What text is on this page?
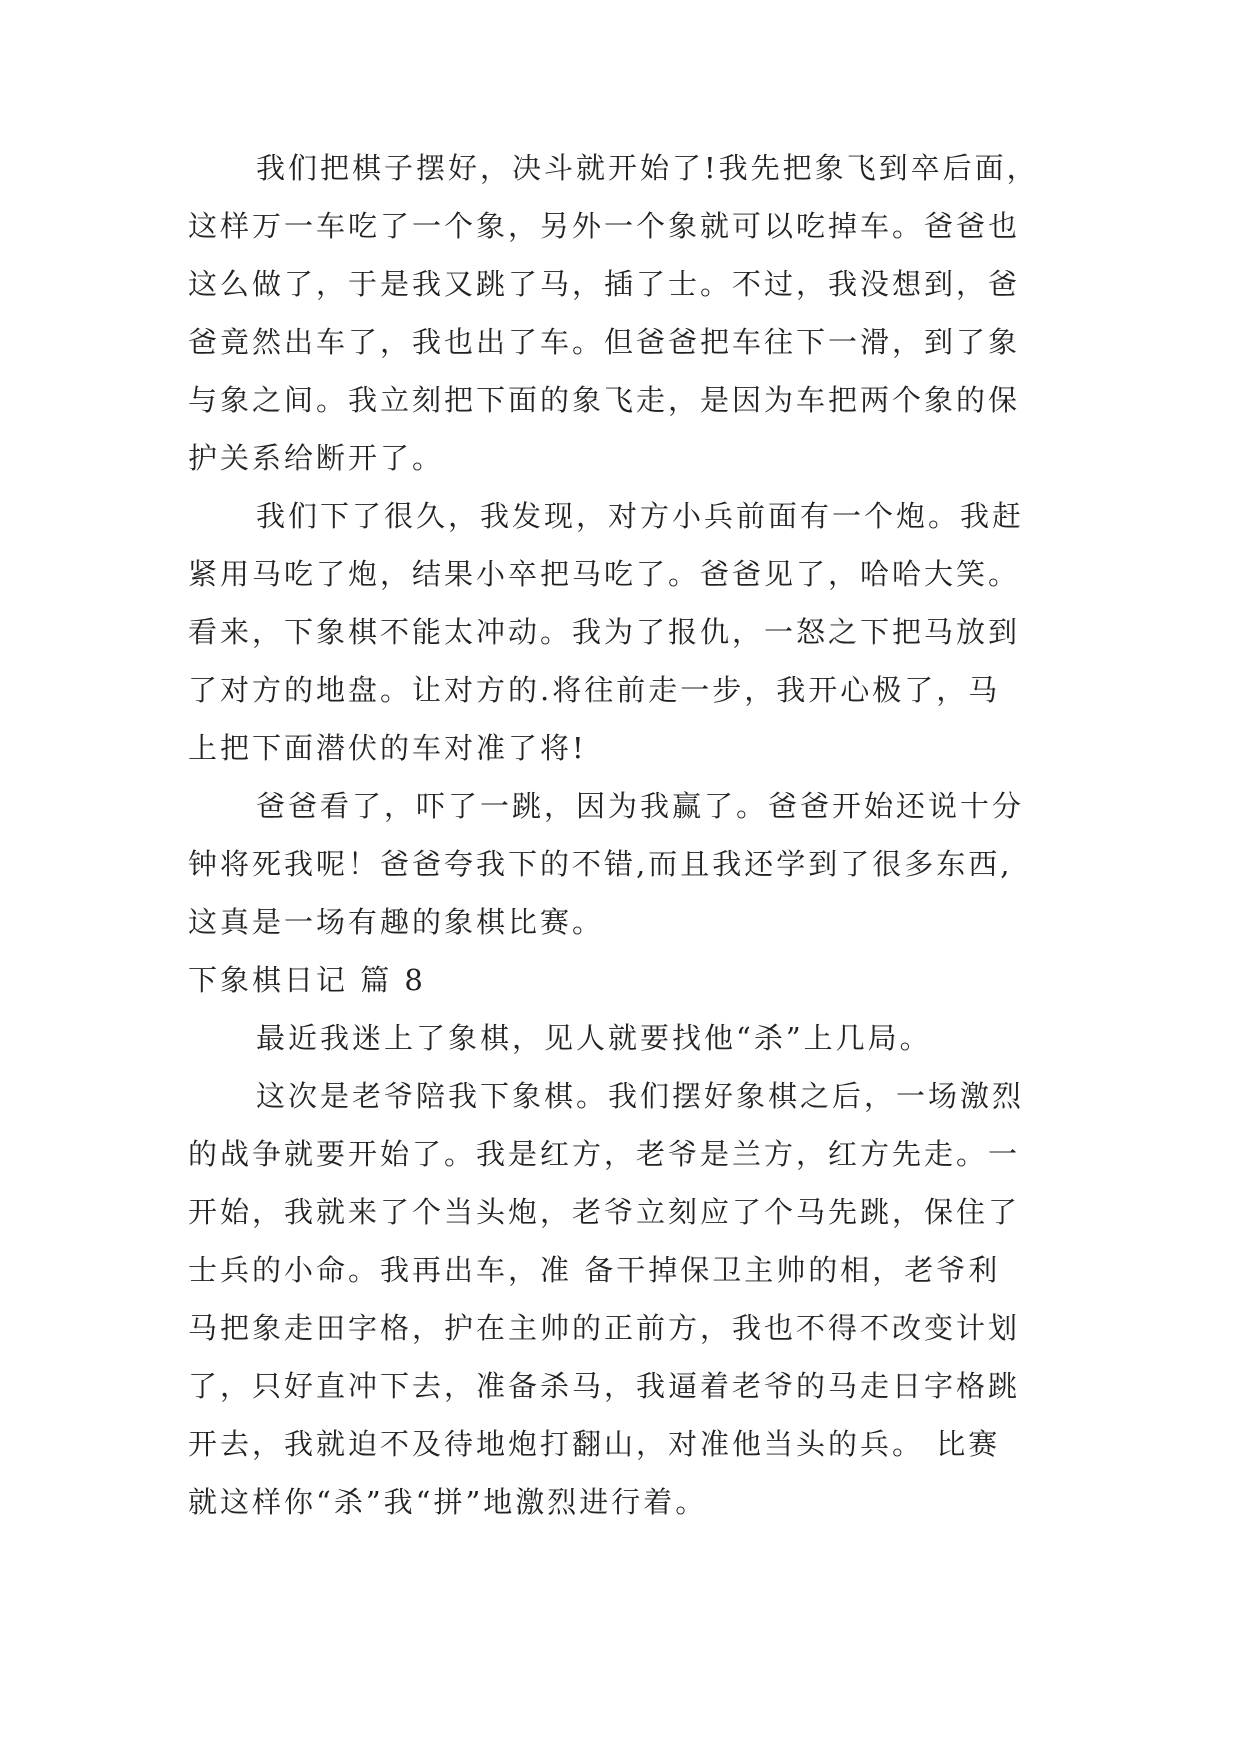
我们把棋子摆好，决斗就开始了!我先把象飞到卒后面，
这样万一车吃了一个象，另外一个象就可以吃掉车。爸爸也
这么做了，于是我又跳了马，插了士。不过，我没想到，爸
爸竟然出车了，我也出了车。但爸爸把车往下一滑，到了象
与象之间。我立刻把下面的象飞走，是因为车把两个象的保
护关系给断开了。
我们下了很久，我发现，对方小兵前面有一个炮。我赶
紧用马吃了炮，结果小卒把马吃了。爸爸见了，哈哈大笑。
看来，下象棋不能太冲动。我为了报仇，一怒之下把马放到
了对方的地盘。让对方的.将往前走一步，我开心极了，马
上把下面潜伏的车对准了将!
爸爸看了，吓了一跳，因为我赢了。爸爸开始还说十分
钟将死我呢！爸爸夸我下的不错,而且我还学到了很多东西,
这真是一场有趣的象棋比赛。
下象棋日记 篇 8
最近我迷上了象棋，见人就要找他“杀”上几局。
这次是老爷陪我下象棋。我们摆好象棋之后，一场激烈
的战争就要开始了。我是红方，老爷是兰方，红方先走。一
开始，我就来了个当头炮，老爷立刻应了个马先跳，保住了
士兵的小命。我再出车，准 备干掉保卫主帅的相，老爷利
马把象走田字格，护在主帅的正前方，我也不得不改变计划
了，只好直冲下去，准备杀马，我逼着老爷的马走日字格跳
开去，我就迫不及待地炮打翻山，对准他当头的兵。 比赛
就这样你“杀”我“拼”地激烈进行着。
